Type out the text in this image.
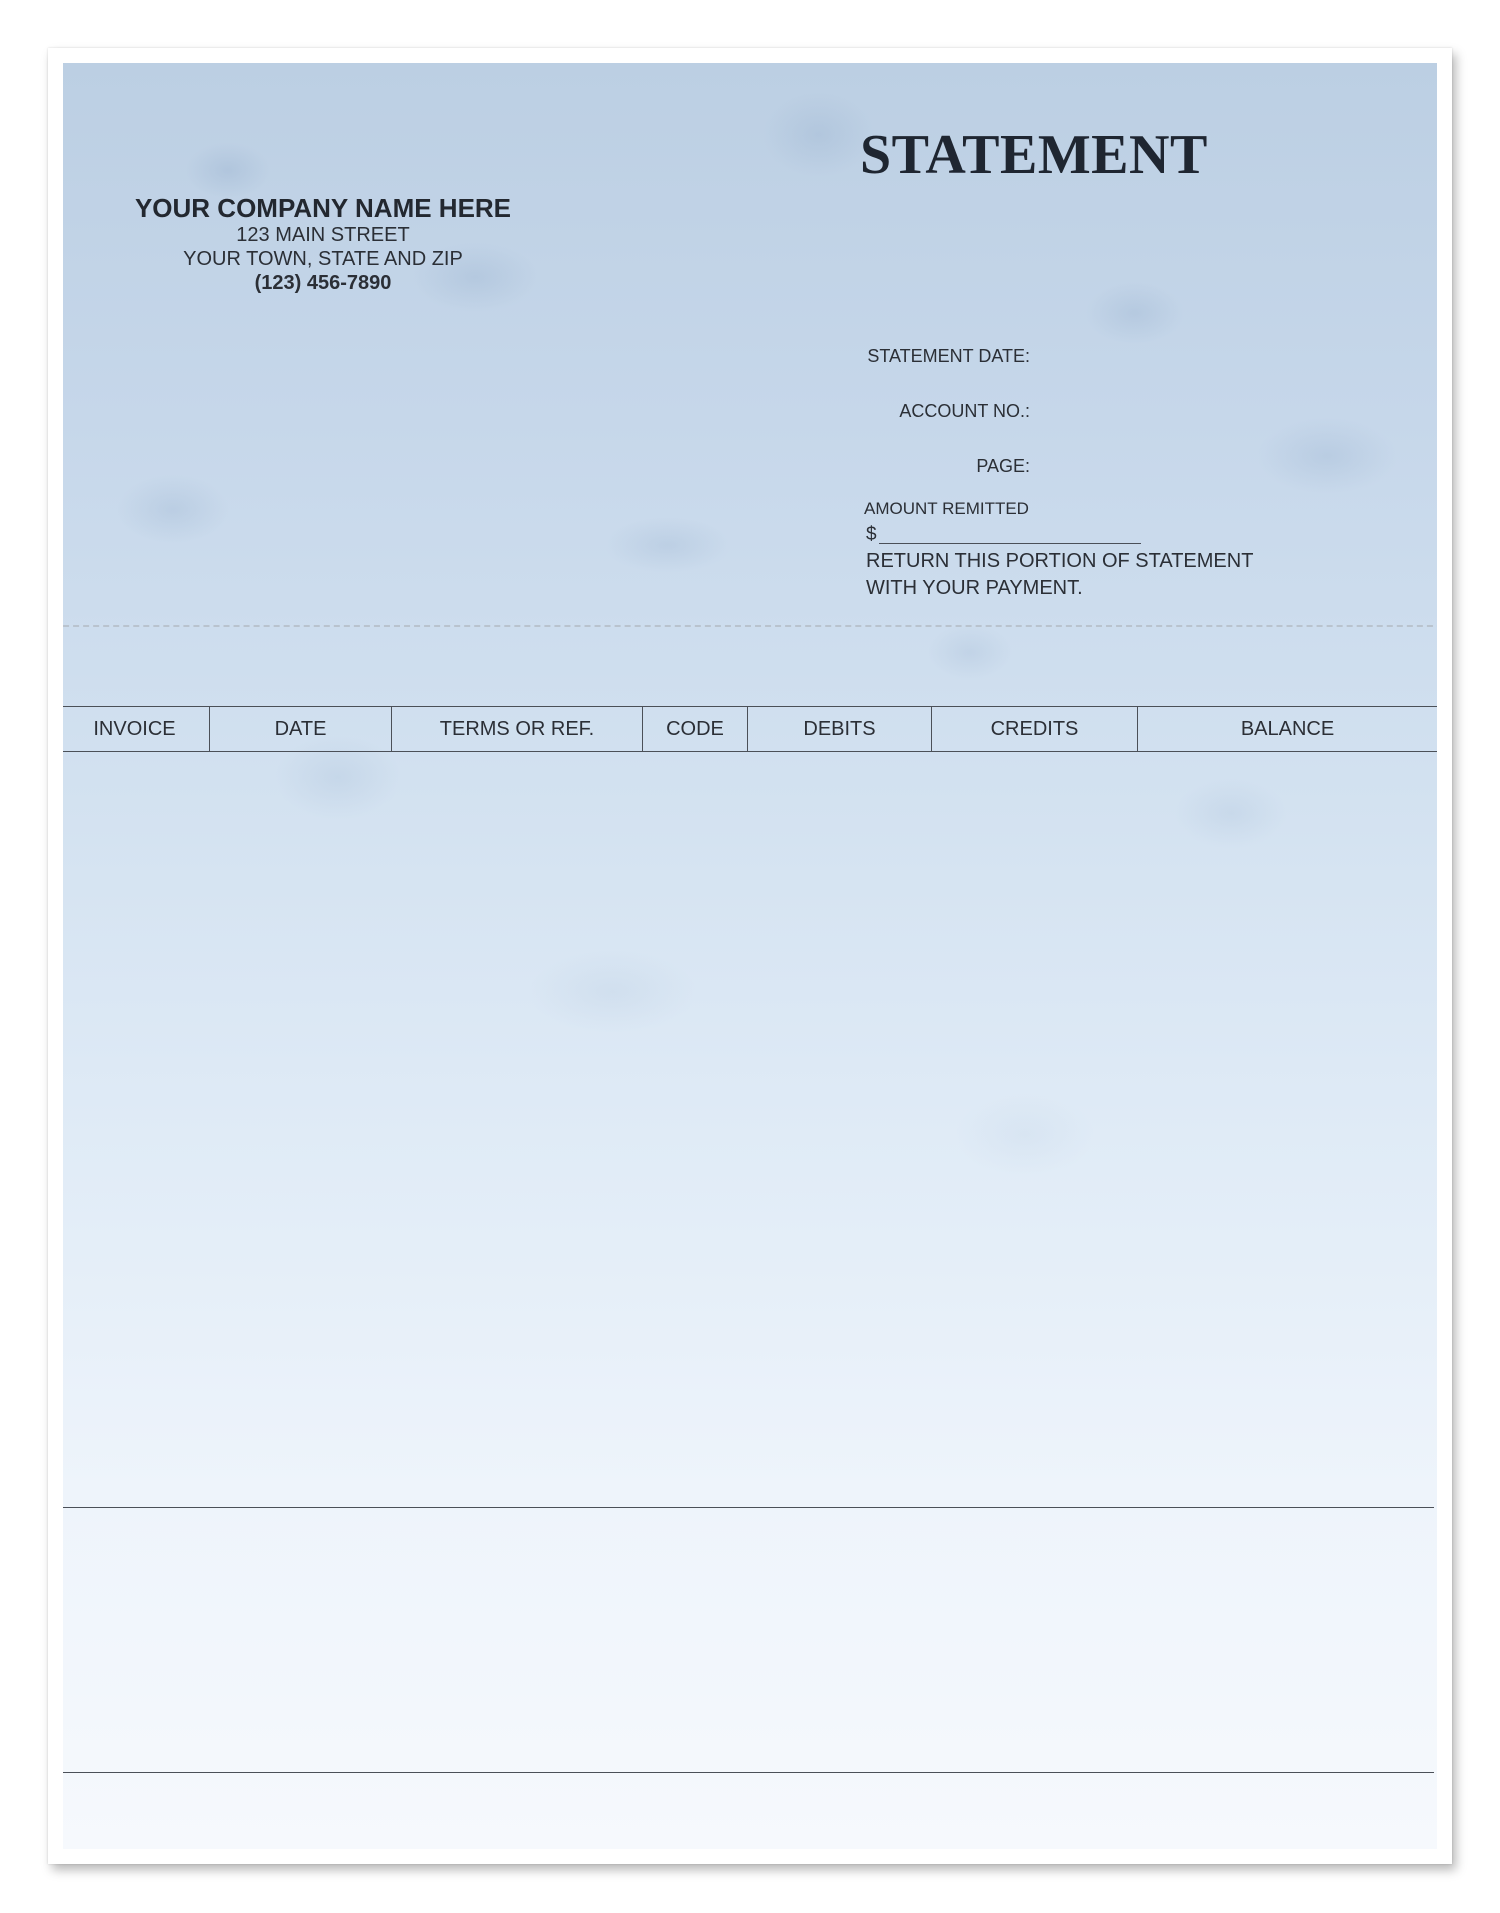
STATEMENT
YOUR COMPANY NAME HERE
123 MAIN STREET
YOUR TOWN, STATE AND ZIP
(123) 456-7890
STATEMENT DATE:
ACCOUNT NO.:
PAGE:
AMOUNT REMITTED
$
RETURN THIS PORTION OF STATEMENT
WITH YOUR PAYMENT.
INVOICE	DATE	TERMS OR REF.	CODE	DEBITS	CREDITS	BALANCE
